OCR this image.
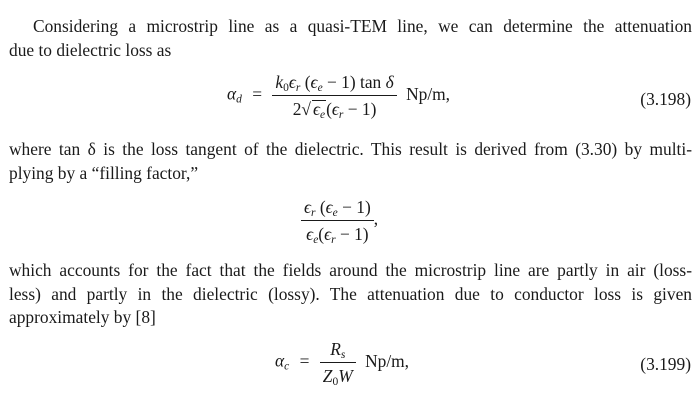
Considering a microstrip line as a quasi-TEM line, we can determine the attenuation
due to dielectric loss as
$\alpha_d = \frac{k_0\epsilon_r (\epsilon_e - 1) \tan \delta}{2√ \epsilon_e(\epsilon_r - 1)} Np/m$,	(3.198)
where tan δ is the loss tangent of the dielectric. This result is derived from (3.30) by multi-
plying by a “filling factor,”
$\frac{\epsilon_r (\epsilon_e - 1)}{\epsilon_e(\epsilon_r - 1)}$ ,
which accounts for the fact that the fields around the microstrip line are partly in air (loss-
less) and partly in the dielectric (lossy). The attenuation due to conductor loss is given
approximately by [8]
$\alpha_c = \frac{R_s}{Z_0W} Np/m$,	(3.199)
